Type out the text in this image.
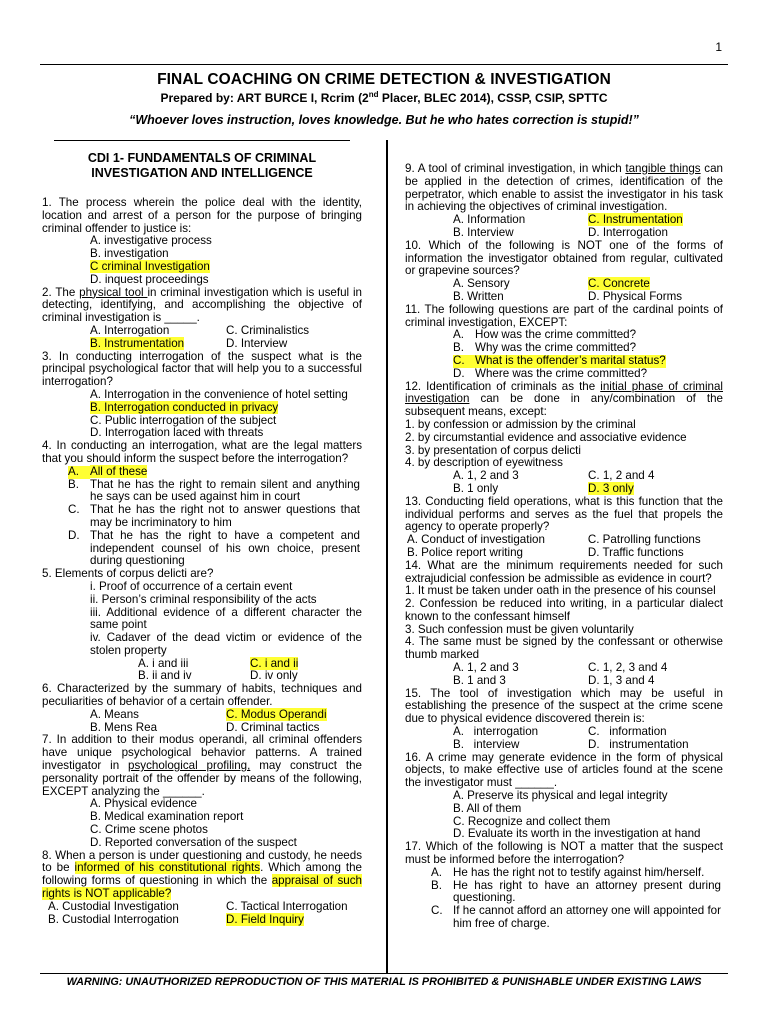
1
FINAL COACHING ON CRIME DETECTION & INVESTIGATION
Prepared by: ART BURCE I, Rcrim (2nd Placer, BLEC 2014), CSSP, CSIP, SPTTC
“Whoever loves instruction, loves knowledge. But he who hates correction is stupid!”
CDI 1- FUNDAMENTALS OF CRIMINAL
INVESTIGATION AND INTELLIGENCE
1. The process wherein the police deal with the identity, location and arrest of a person for the purpose of bringing criminal offender to justice is:
A. investigative process
B. investigation
C criminal Investigation
D. inquest proceedings
2. The physical tool in criminal investigation which is useful in detecting, identifying, and accomplishing the objective of criminal investigation is _____.
A. Interrogation	C. Criminalistics
B. Instrumentation	D. Interview
3. In conducting interrogation of the suspect what is the principal psychological factor that will help you to a successful interrogation?
A. Interrogation in the convenience of hotel setting
B. Interrogation conducted in privacy
C. Public interrogation of the subject
D. Interrogation laced with threats
4. In conducting an interrogation, what are the legal matters that you should inform the suspect before the interrogation?
A. All of these
B. That he has the right to remain silent and anything he says can be used against him in court
C. That he has the right not to answer questions that may be incriminatory to him
D. That he has the right to have a competent and independent counsel of his own choice, present during questioning
5. Elements of corpus delicti are?
i. Proof of occurrence of a certain event
ii. Person’s criminal responsibility of the acts
iii. Additional evidence of a different character the same point
iv. Cadaver of the dead victim or evidence of the stolen property
A. i and iii	C. i and ii
B. ii and iv	D. iv only
6. Characterized by the summary of habits, techniques and peculiarities of behavior of a certain offender.
A. Means	C. Modus Operandi
B. Mens Rea	D. Criminal tactics
7. In addition to their modus operandi, all criminal offenders have unique psychological behavior patterns. A trained investigator in psychological profiling, may construct the personality portrait of the offender by means of the following, EXCEPT analyzing the ______.
A. Physical evidence
B. Medical examination report
C. Crime scene photos
D. Reported conversation of the suspect
8. When a person is under questioning and custody, he needs to be informed of his constitutional rights. Which among the following forms of questioning in which the appraisal of such rights is NOT applicable?
A. Custodial Investigation	C. Tactical Interrogation
B. Custodial Interrogation	D. Field Inquiry
9. A tool of criminal investigation, in which tangible things can be applied in the detection of crimes, identification of the perpetrator, which enable to assist the investigator in his task in achieving the objectives of criminal investigation.
A. Information	C. Instrumentation
B. Interview	D. Interrogation
10. Which of the following is NOT one of the forms of information the investigator obtained from regular, cultivated or grapevine sources?
A. Sensory	C. Concrete
B. Written	D. Physical Forms
11. The following questions are part of the cardinal points of criminal investigation, EXCEPT:
A. How was the crime committed?
B. Why was the crime committed?
C. What is the offender’s marital status?
D. Where was the crime committed?
12. Identification of criminals as the initial phase of criminal investigation can be done in any/combination of the subsequent means, except:
1. by confession or admission by the criminal
2. by circumstantial evidence and associative evidence
3. by presentation of corpus delicti
4. by description of eyewitness
A. 1, 2 and 3	C. 1, 2 and 4
B. 1 only	D. 3 only
13. Conducting field operations, what is this function that the individual performs and serves as the fuel that propels the agency to operate properly?
A. Conduct of investigation	C. Patrolling functions
B. Police report writing	D. Traffic functions
14. What are the minimum requirements needed for such extrajudicial confession be admissible as evidence in court?
1. It must be taken under oath in the presence of his counsel
2. Confession be reduced into writing, in a particular dialect known to the confessant himself
3. Such confession must be given voluntarily
4. The same must be signed by the confessant or otherwise thumb marked
A. 1, 2 and 3	C. 1, 2, 3 and 4
B. 1 and 3	D. 1, 3 and 4
15. The tool of investigation which may be useful in establishing the presence of the suspect at the crime scene due to physical evidence discovered therein is:
A. interrogation	C. information
B. interview	D. instrumentation
16. A crime may generate evidence in the form of physical objects, to make effective use of articles found at the scene the investigator must ______.
A. Preserve its physical and legal integrity
B. All of them
C. Recognize and collect them
D. Evaluate its worth in the investigation at hand
17. Which of the following is NOT a matter that the suspect must be informed before the interrogation?
A. He has the right not to testify against him/herself.
B. He has right to have an attorney present during questioning.
C. If he cannot afford an attorney one will appointed for him free of charge.
WARNING: UNAUTHORIZED REPRODUCTION OF THIS MATERIAL IS PROHIBITED & PUNISHABLE UNDER EXISTING LAWS
